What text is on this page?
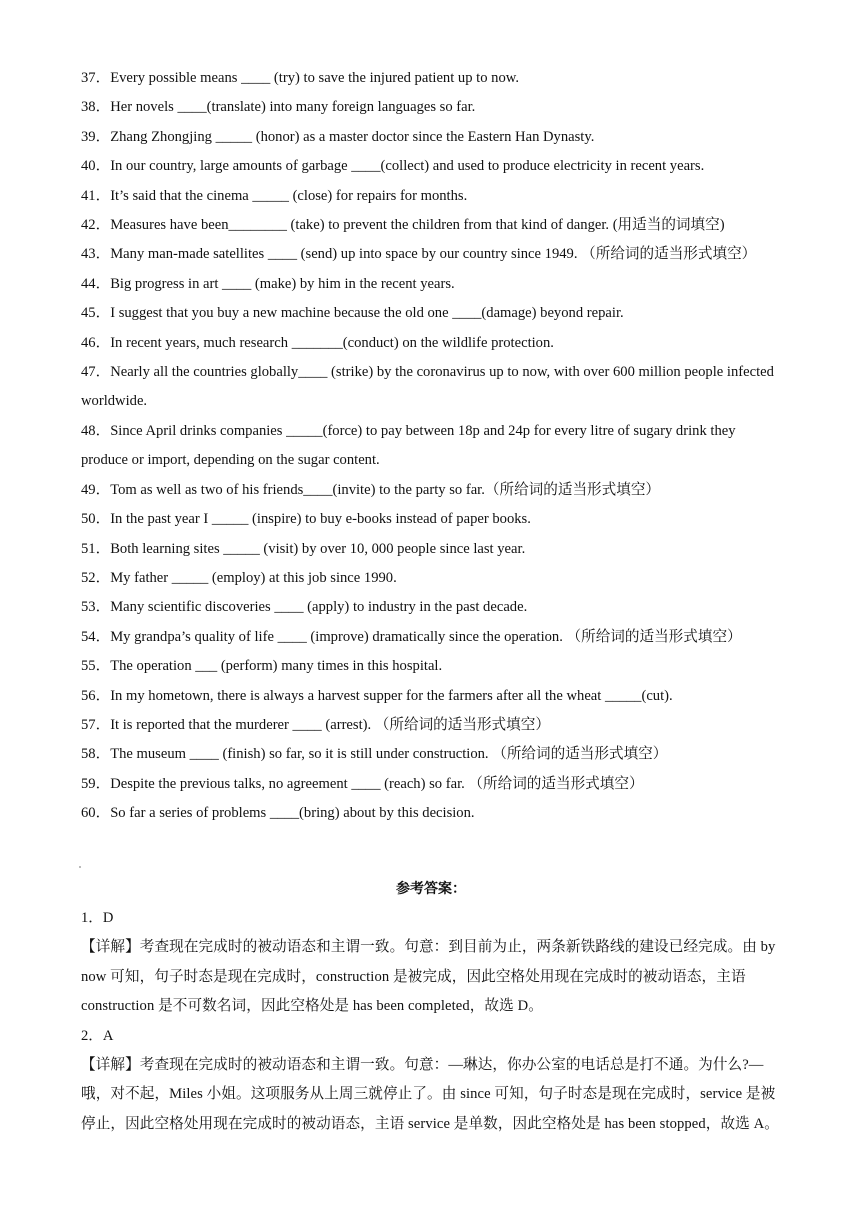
37．Every possible means ____ (try) to save the injured patient up to now.

38．Her novels ____(translate) into many foreign languages so far.

39．Zhang Zhongjing _____ (honor) as a master doctor since the Eastern Han Dynasty.

40．In our country, large amounts of garbage ____(collect) and used to produce electricity in recent years.

41．It’s said that the cinema _____ (close) for repairs for months.

42．Measures have been________ (take) to prevent the children from that kind of danger. (用适当的词填空)

43．Many man-made satellites ____ (send) up into space by our country since 1949. （所给词的适当形式填空）

44．Big progress in art ____ (make) by him in the recent years.

45．I suggest that you buy a new machine because the old one ____(damage) beyond repair.

46．In recent years, much research _______(conduct) on the wildlife protection.

47．Nearly all the countries globally____ (strike) by the coronavirus up to now, with over 600 million people infected worldwide.

48．Since April drinks companies _____(force) to pay between 18p and 24p for every litre of sugary drink they produce or import, depending on the sugar content.

49．Tom as well as two of his friends____(invite) to the party so far.（所给词的适当形式填空）

50．In the past year I _____ (inspire) to buy e-books instead of paper books.

51．Both learning sites _____ (visit) by over 10, 000 people since last year.

52．My father _____ (employ) at this job since 1990.

53．Many scientific discoveries ____ (apply) to industry in the past decade.

54．My grandpa’s quality of life ____ (improve) dramatically since the operation. （所给词的适当形式填空）

55．The operation ___ (perform) many times in this hospital.

56．In my hometown, there is always a harvest supper for the farmers after all the wheat _____(cut).

57．It is reported that the murderer ____ (arrest). （所给词的适当形式填空）

58．The museum ____ (finish) so far, so it is still under construction. （所给词的适当形式填空）

59．Despite the previous talks, no agreement ____ (reach) so far. （所给词的适当形式填空）

60．So far a series of problems ____(bring) about by this decision.

参考答案：

1．D

【详解】考查现在完成时的被动语态和主谓一致。句意：到目前为止，两条新铁路线的建设已经完成。由 by now 可知，句子时态是现在完成时，construction 是被完成，因此空格处用现在完成时的被动语态，主语 construction 是不可数名词，因此空格处是 has been completed，故选 D。

2．A

【详解】考查现在完成时的被动语态和主谓一致。句意：—琳达，你办公室的电话总是打不通。为什么?—哦，对不起，Miles 小姐。这项服务从上周三就停止了。由 since 可知，句子时态是现在完成时，service 是被停止，因此空格处用现在完成时的被动语态，主语 service 是单数，因此空格处是 has been stopped，故选 A。
